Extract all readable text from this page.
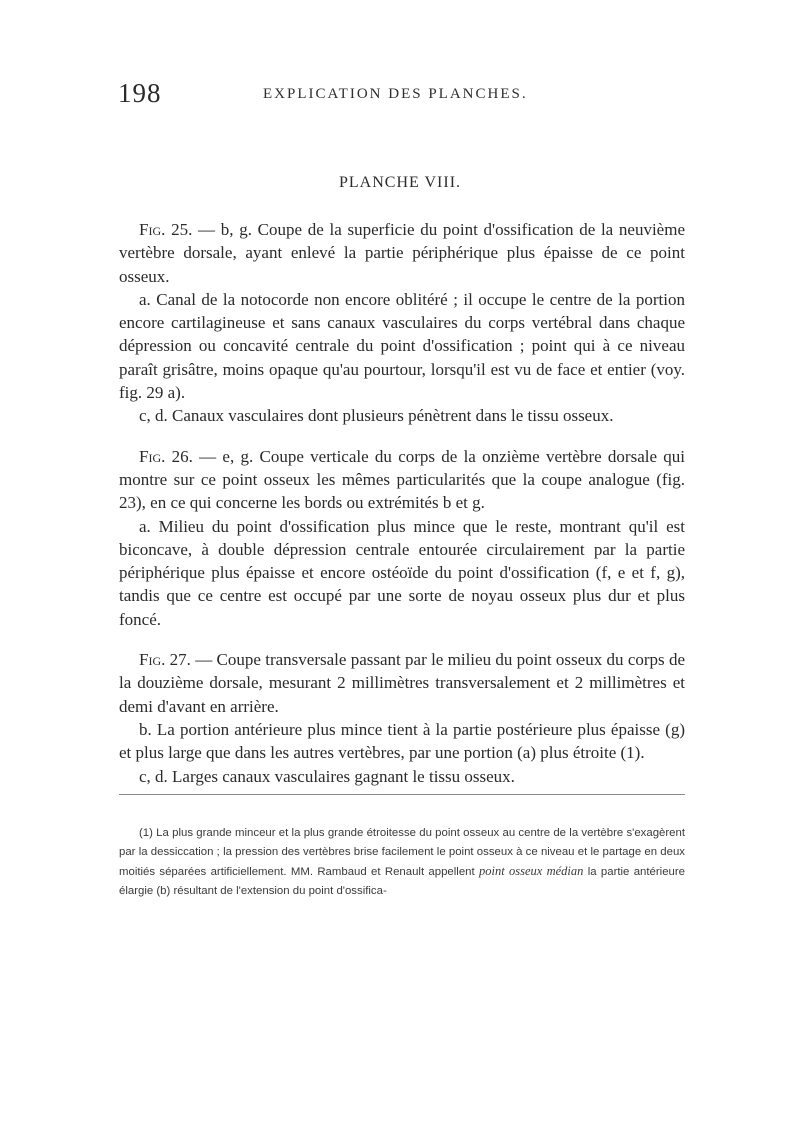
198	EXPLICATION DES PLANCHES.
PLANCHE VIII.

Fig. 25. — b, g. Coupe de la superficie du point d'ossification de la neuvième vertèbre dorsale, ayant enlevé la partie périphérique plus épaisse de ce point osseux.

a. Canal de la notocorde non encore oblitéré ; il occupe le centre de la portion encore cartilagineuse et sans canaux vasculaires du corps vertébral dans chaque dépression ou concavité centrale du point d'ossification ; point qui à ce niveau paraît grisâtre, moins opaque qu'au pourtour, lorsqu'il est vu de face et entier (voy. fig. 29 a).

c, d. Canaux vasculaires dont plusieurs pénètrent dans le tissu osseux.

Fig. 26. — e, g. Coupe verticale du corps de la onzième vertèbre dorsale qui montre sur ce point osseux les mêmes particularités que la coupe analogue (fig. 23), en ce qui concerne les bords ou extrémités b et g.

a. Milieu du point d'ossification plus mince que le reste, montrant qu'il est biconcave, à double dépression centrale entourée circulairement par la partie périphérique plus épaisse et encore ostéoïde du point d'ossification (f, e et f, g), tandis que ce centre est occupé par une sorte de noyau osseux plus dur et plus foncé.

Fig. 27. — Coupe transversale passant par le milieu du point osseux du corps de la douzième dorsale, mesurant 2 millimètres transversalement et 2 millimètres et demi d'avant en arrière.

b. La portion antérieure plus mince tient à la partie postérieure plus épaisse (g) et plus large que dans les autres vertèbres, par une portion (a) plus étroite (1).

c, d. Larges canaux vasculaires gagnant le tissu osseux.

(1) La plus grande minceur et la plus grande étroitesse du point osseux au centre de la vertèbre s'exagèrent par la dessiccation ; la pression des vertèbres brise facilement le point osseux à ce niveau et le partage en deux moitiés séparées artificiellement. MM. Rambaud et Renault appellent point osseux médian la partie antérieure élargie (b) résultant de l'extension du point d'ossifica-
